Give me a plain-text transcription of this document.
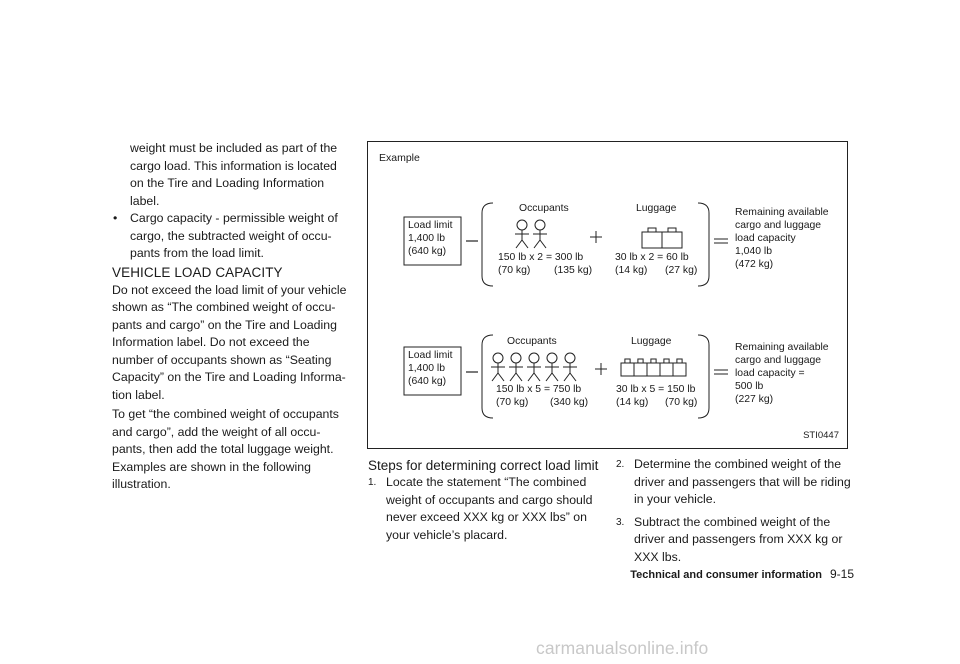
weight must be included as part of the
cargo load. This information is located
on the Tire and Loading Information
label.
• Cargo capacity - permissible weight of
cargo, the subtracted weight of occu-
pants from the load limit.
VEHICLE LOAD CAPACITY
Do not exceed the load limit of your vehicle
shown as “The combined weight of occu-
pants and cargo” on the Tire and Loading
Information label. Do not exceed the
number of occupants shown as “Seating
Capacity” on the Tire and Loading Informa-
tion label.
To get “the combined weight of occupants
and cargo”, add the weight of all occu-
pants, then add the total luggage weight.
Examples are shown in the following
illustration.
Example
Load limit
1,400 lb
(640 kg)
Occupants	Luggage
150 lb x 2 = 300 lb
(70 kg) (135 kg)
30 lb x 2 = 60 lb
(14 kg) (27 kg)
Remaining available
cargo and luggage
load capacity
1,040 lb
(472 kg)
Load limit
1,400 lb
(640 kg)
Occupants	Luggage
150 lb x 5 = 750 lb
(70 kg) (340 kg)
30 lb x 5 = 150 lb
(14 kg) (70 kg)
Remaining available
cargo and luggage
load capacity =
500 lb
(227 kg)
STI0447
Steps for determining correct load limit
1. Locate the statement “The combined
weight of occupants and cargo should
never exceed XXX kg or XXX lbs” on
your vehicle’s placard.
2. Determine the combined weight of the
driver and passengers that will be riding
in your vehicle.
3. Subtract the combined weight of the
driver and passengers from XXX kg or
XXX lbs.
Technical and consumer information 9-15
carmanualsonline.info
